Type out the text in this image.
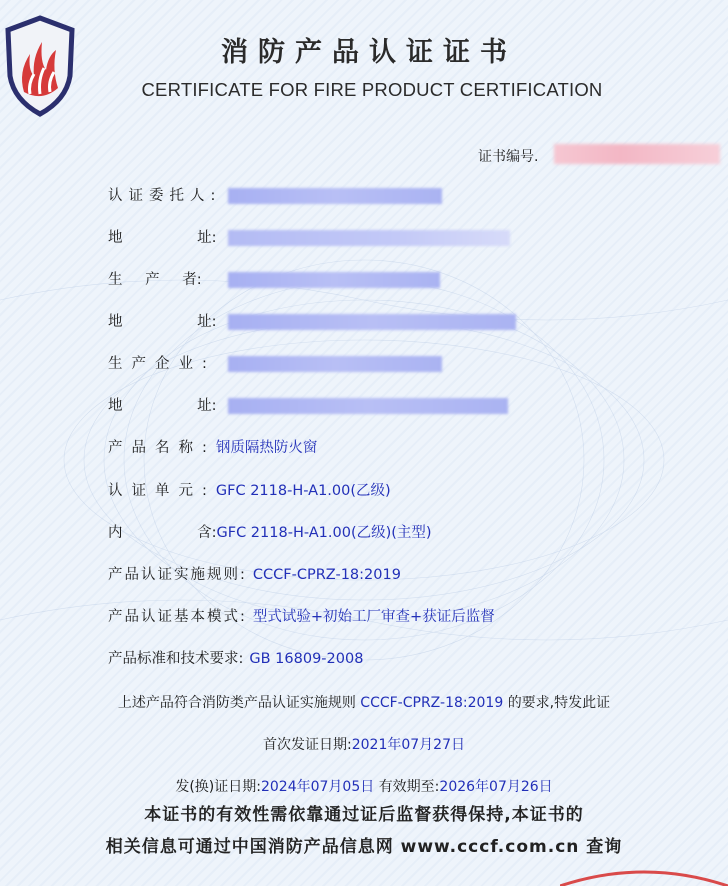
消防产品认证证书
CERTIFICATE FOR FIRE PRODUCT CERTIFICATION
证书编号.
认证委托人:
地 址:
生 产 者:
地 址:
生产企业:
地 址:
产品名称:钢质隔热防火窗
认证单元:GFC 2118-H-A1.00(乙级)
内 含:GFC 2118-H-A1.00(乙级)(主型)
产品认证实施规则: CCCF-CPRZ-18:2019
产品认证基本模式: 型式试验+初始工厂审查+获证后监督
产品标准和技术要求: GB 16809-2008
上述产品符合消防类产品认证实施规则 CCCF-CPRZ-18:2019 的要求,特发此证
首次发证日期:2021年07月27日
发(换)证日期:2024年07月05日 有效期至:2026年07月26日
本证书的有效性需依靠通过证后监督获得保持,本证书的
相关信息可通过中国消防产品信息网 www.cccf.com.cn 查询
